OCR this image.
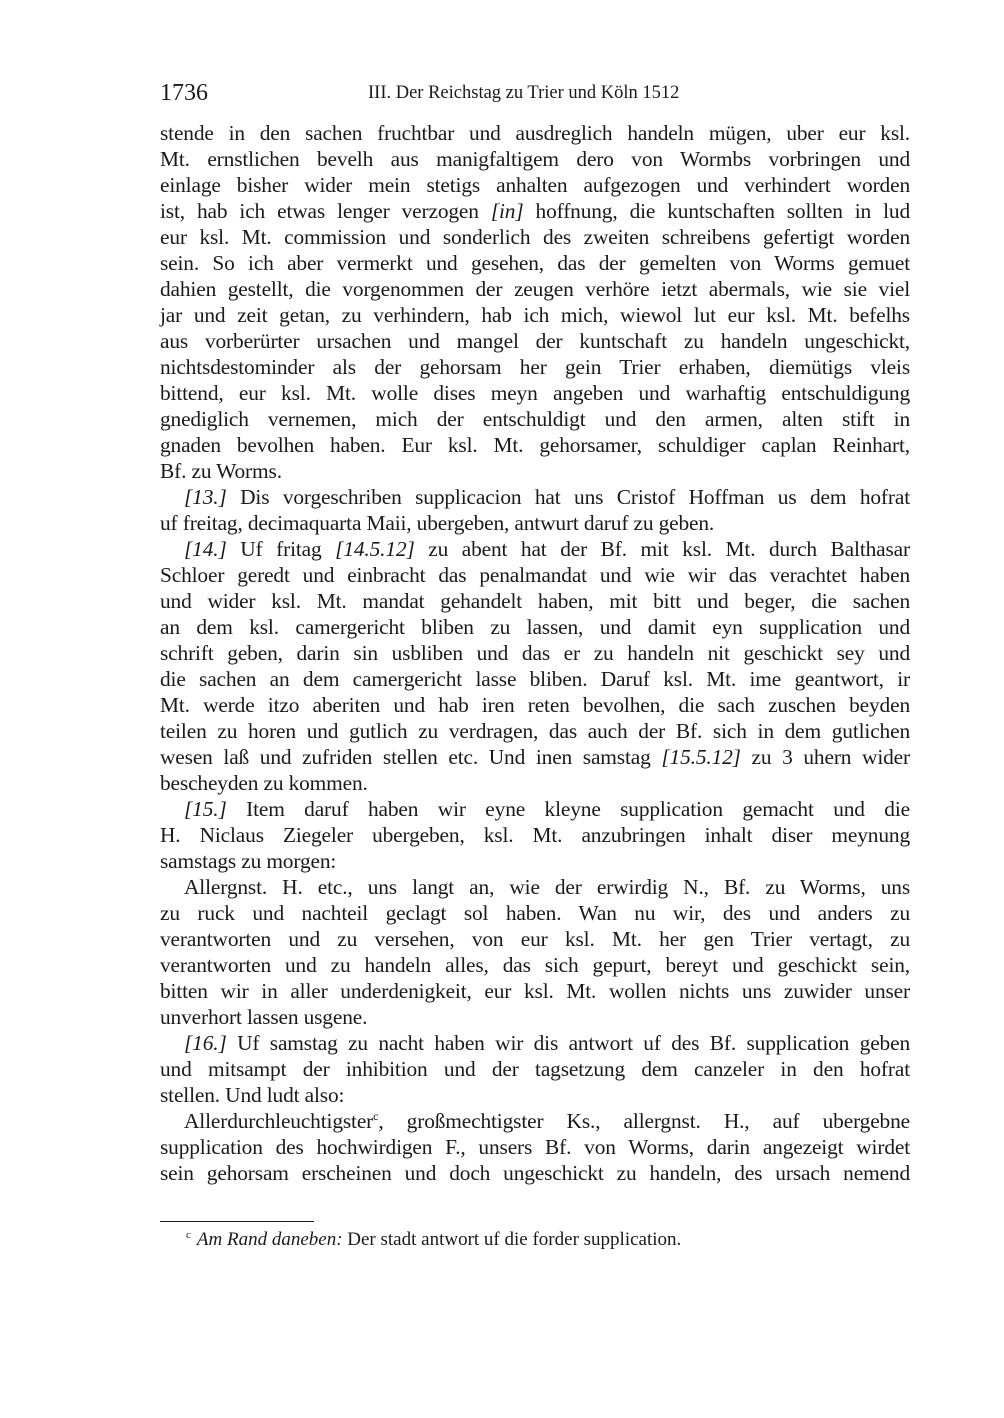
1736	III. Der Reichstag zu Trier und Köln 1512
stende in den sachen fruchtbar und ausdreglich handeln mügen, uber eur ksl.
Mt. ernstlichen bevelh aus manigfaltigem dero von Wormbs vorbringen und
einlage bisher wider mein stetigs anhalten aufgezogen und verhindert worden
ist, hab ich etwas lenger verzogen [in] hoffnung, die kuntschaften sollten in lud
eur ksl. Mt. commission und sonderlich des zweiten schreibens gefertigt worden
sein. So ich aber vermerkt und gesehen, das der gemelten von Worms gemuet
dahien gestellt, die vorgenommen der zeugen verhöre ietzt abermals, wie sie viel
jar und zeit getan, zu verhindern, hab ich mich, wiewol lut eur ksl. Mt. befelhs
aus vorberürter ursachen und mangel der kuntschaft zu handeln ungeschickt,
nichtsdestominder als der gehorsam her gein Trier erhaben, diemütigs vleis
bittend, eur ksl. Mt. wolle dises meyn angeben und warhaftig entschuldigung
gnediglich vernemen, mich der entschuldigt und den armen, alten stift in
gnaden bevolhen haben. Eur ksl. Mt. gehorsamer, schuldiger caplan Reinhart,
Bf. zu Worms.
[13.] Dis vorgeschriben supplicacion hat uns Cristof Hoffman us dem hofrat
uf freitag, decimaquarta Maii, ubergeben, antwurt daruf zu geben.
[14.] Uf fritag [14.5.12] zu abent hat der Bf. mit ksl. Mt. durch Balthasar
Schloer geredt und einbracht das penalmandat und wie wir das verachtet haben
und wider ksl. Mt. mandat gehandelt haben, mit bitt und beger, die sachen
an dem ksl. camergericht bliben zu lassen, und damit eyn supplication und
schrift geben, darin sin usbliben und das er zu handeln nit geschickt sey und
die sachen an dem camergericht lasse bliben. Daruf ksl. Mt. ime geantwort, ir
Mt. werde itzo aberiten und hab iren reten bevolhen, die sach zuschen beyden
teilen zu horen und gutlich zu verdragen, das auch der Bf. sich in dem gutlichen
wesen laß und zufriden stellen etc. Und inen samstag [15.5.12] zu 3 uhern wider
bescheyden zu kommen.
[15.] Item daruf haben wir eyne kleyne supplication gemacht und die
H. Niclaus Ziegeler ubergeben, ksl. Mt. anzubringen inhalt diser meynung
samstags zu morgen:
Allergnst. H. etc., uns langt an, wie der erwirdig N., Bf. zu Worms, uns
zu ruck und nachteil geclagt sol haben. Wan nu wir, des und anders zu
verantworten und zu versehen, von eur ksl. Mt. her gen Trier vertagt, zu
verantworten und zu handeln alles, das sich gepurt, bereyt und geschickt sein,
bitten wir in aller underdenigkeit, eur ksl. Mt. wollen nichts uns zuwider unser
unverhort lassen usgene.
[16.] Uf samstag zu nacht haben wir dis antwort uf des Bf. supplication geben
und mitsampt der inhibition und der tagsetzung dem canzeler in den hofrat
stellen. Und ludt also:
Allerdurchleuchtigster$^c$, großmechtigster Ks., allergnst. H., auf ubergebne
supplication des hochwirdigen F., unsers Bf. von Worms, darin angezeigt wirdet
sein gehorsam erscheinen und doch ungeschickt zu handeln, des ursach nemend
$^c$ Am Rand daneben: Der stadt antwort uf die forder supplication.
